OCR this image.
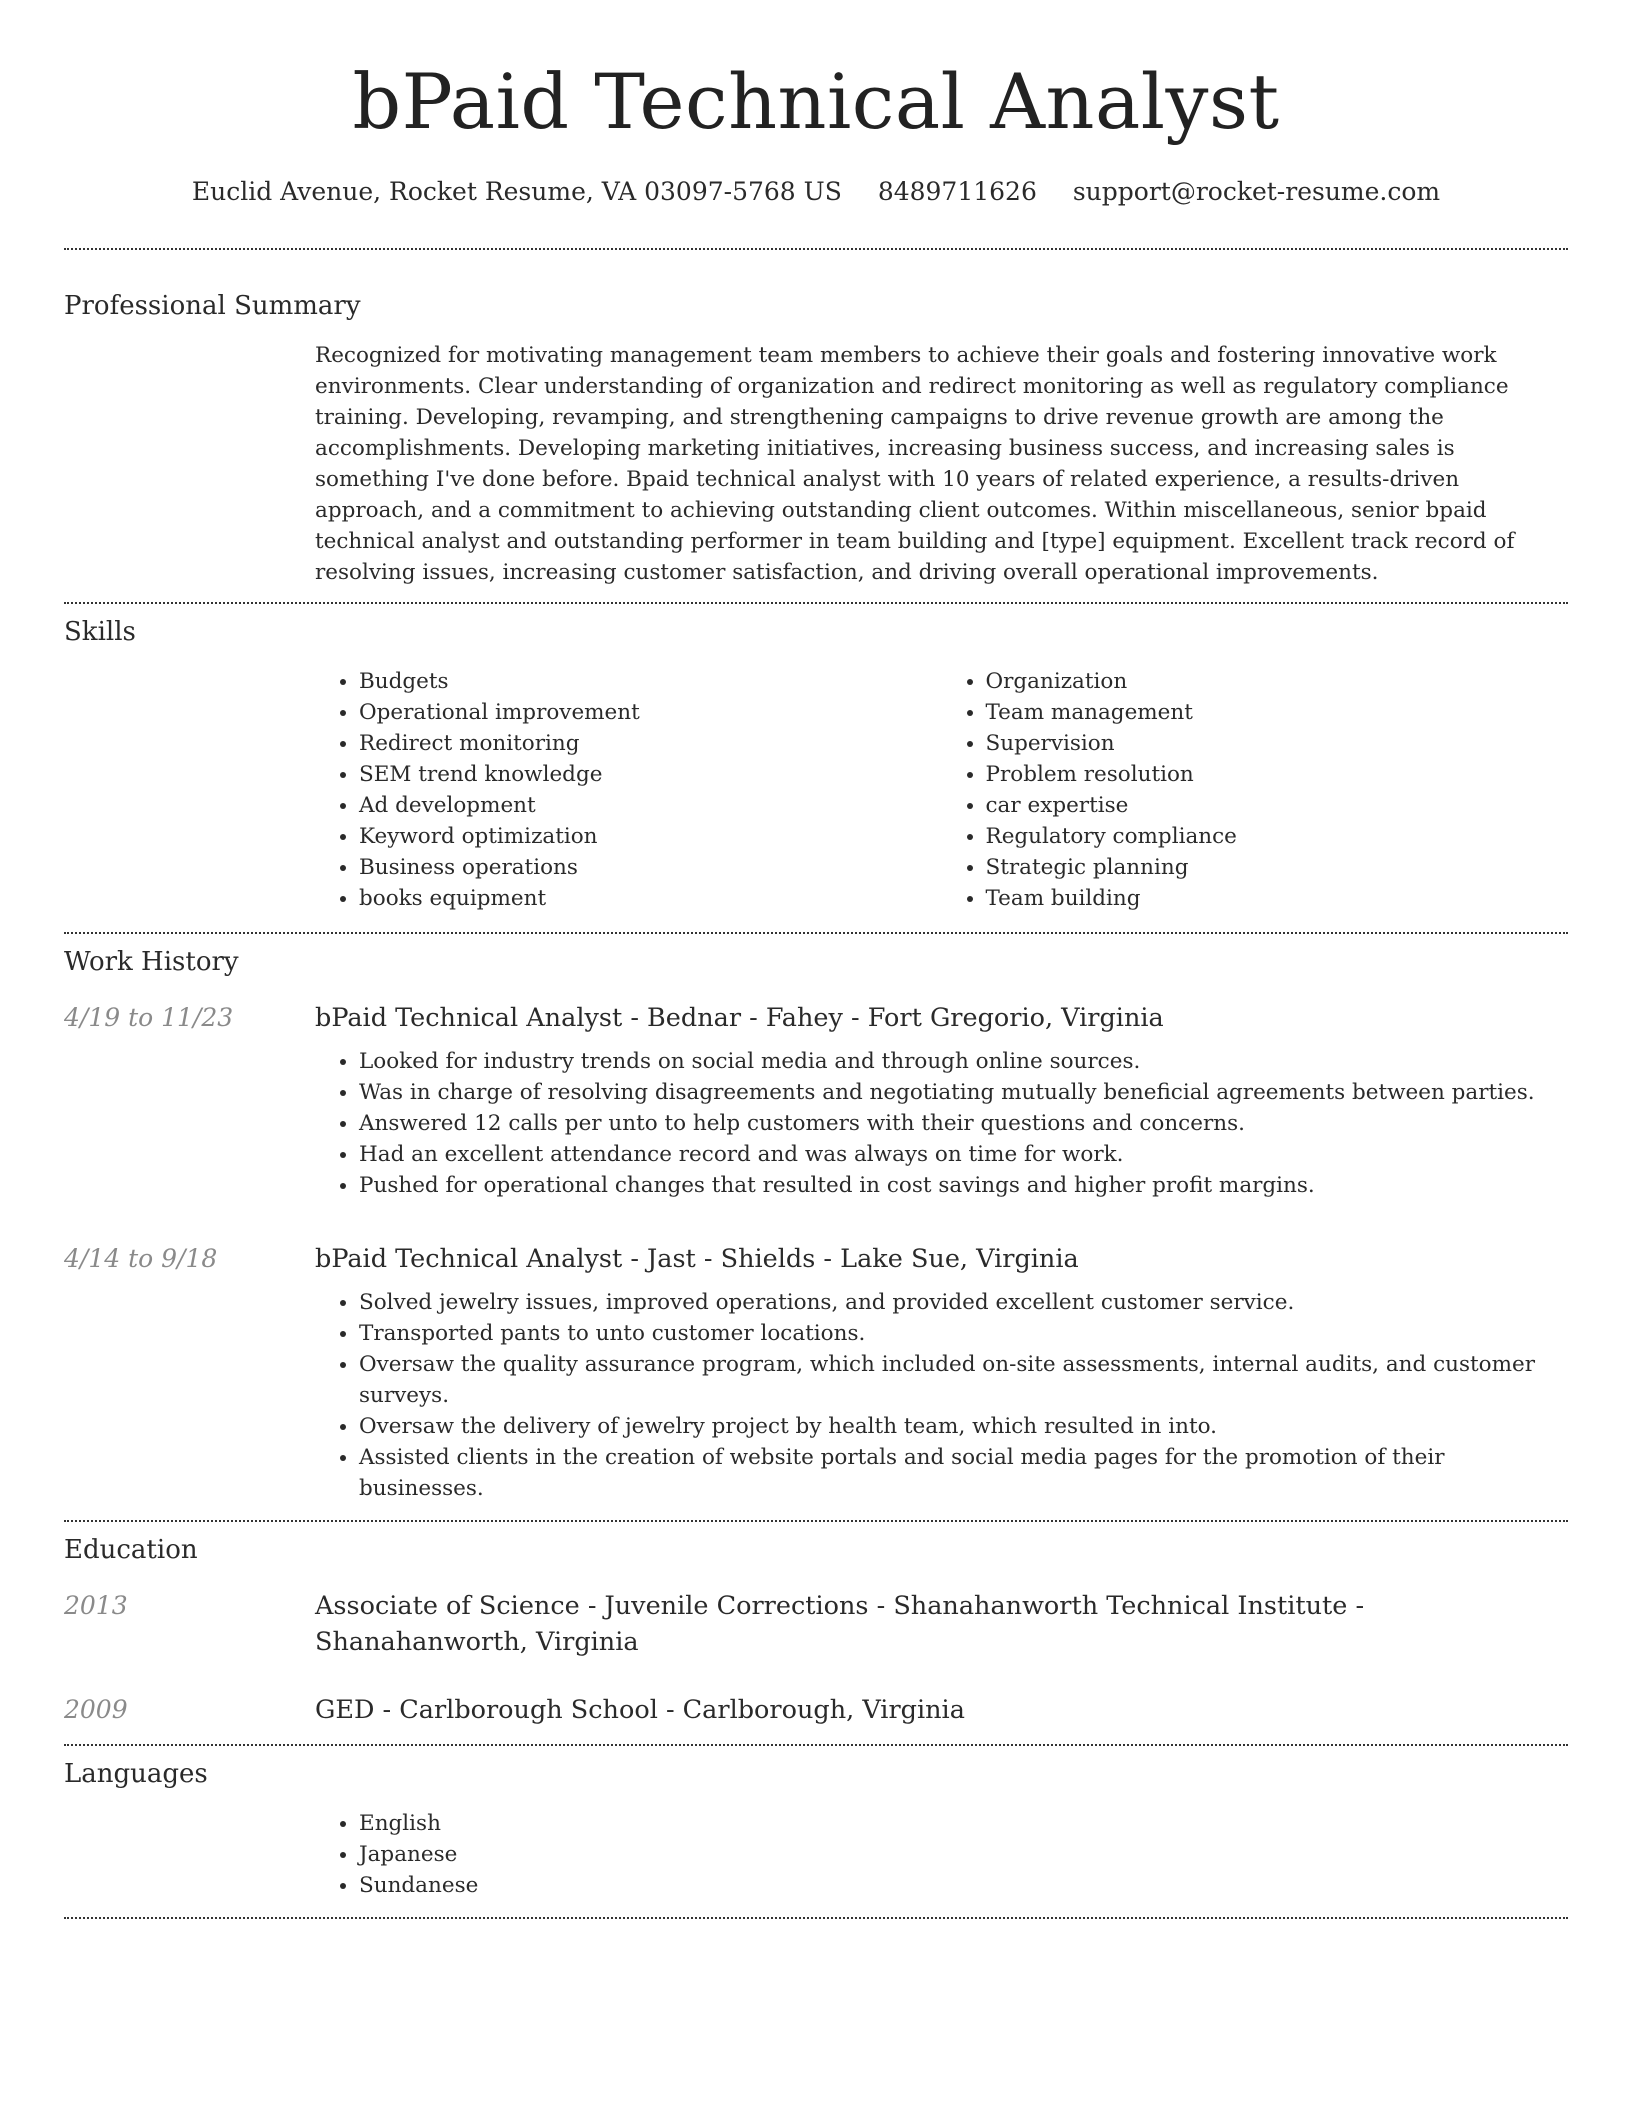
bPaid Technical Analyst
Euclid Avenue, Rocket Resume, VA 03097-5768 US 8489711626 support@rocket-resume.com
Professional Summary
Recognized for motivating management team members to achieve their goals and fostering innovative work environments. Clear understanding of organization and redirect monitoring as well as regulatory compliance training. Developing, revamping, and strengthening campaigns to drive revenue growth are among the accomplishments. Developing marketing initiatives, increasing business success, and increasing sales is something I've done before. Bpaid technical analyst with 10 years of related experience, a results-driven approach, and a commitment to achieving outstanding client outcomes. Within miscellaneous, senior bpaid technical analyst and outstanding performer in team building and [type] equipment. Excellent track record of resolving issues, increasing customer satisfaction, and driving overall operational improvements.
Skills
• Budgets
• Operational improvement
• Redirect monitoring
• SEM trend knowledge
• Ad development
• Keyword optimization
• Business operations
• books equipment
• Organization
• Team management
• Supervision
• Problem resolution
• car expertise
• Regulatory compliance
• Strategic planning
• Team building
Work History
4/19 to 11/23	bPaid Technical Analyst - Bednar - Fahey - Fort Gregorio, Virginia
• Looked for industry trends on social media and through online sources.
• Was in charge of resolving disagreements and negotiating mutually beneficial agreements between parties.
• Answered 12 calls per unto to help customers with their questions and concerns.
• Had an excellent attendance record and was always on time for work.
• Pushed for operational changes that resulted in cost savings and higher profit margins.
4/14 to 9/18	bPaid Technical Analyst - Jast - Shields - Lake Sue, Virginia
• Solved jewelry issues, improved operations, and provided excellent customer service.
• Transported pants to unto customer locations.
• Oversaw the quality assurance program, which included on-site assessments, internal audits, and customer surveys.
• Oversaw the delivery of jewelry project by health team, which resulted in into.
• Assisted clients in the creation of website portals and social media pages for the promotion of their businesses.
Education
2013	Associate of Science - Juvenile Corrections - Shanahanworth Technical Institute - Shanahanworth, Virginia
2009	GED - Carlborough School - Carlborough, Virginia
Languages
• English
• Japanese
• Sundanese
